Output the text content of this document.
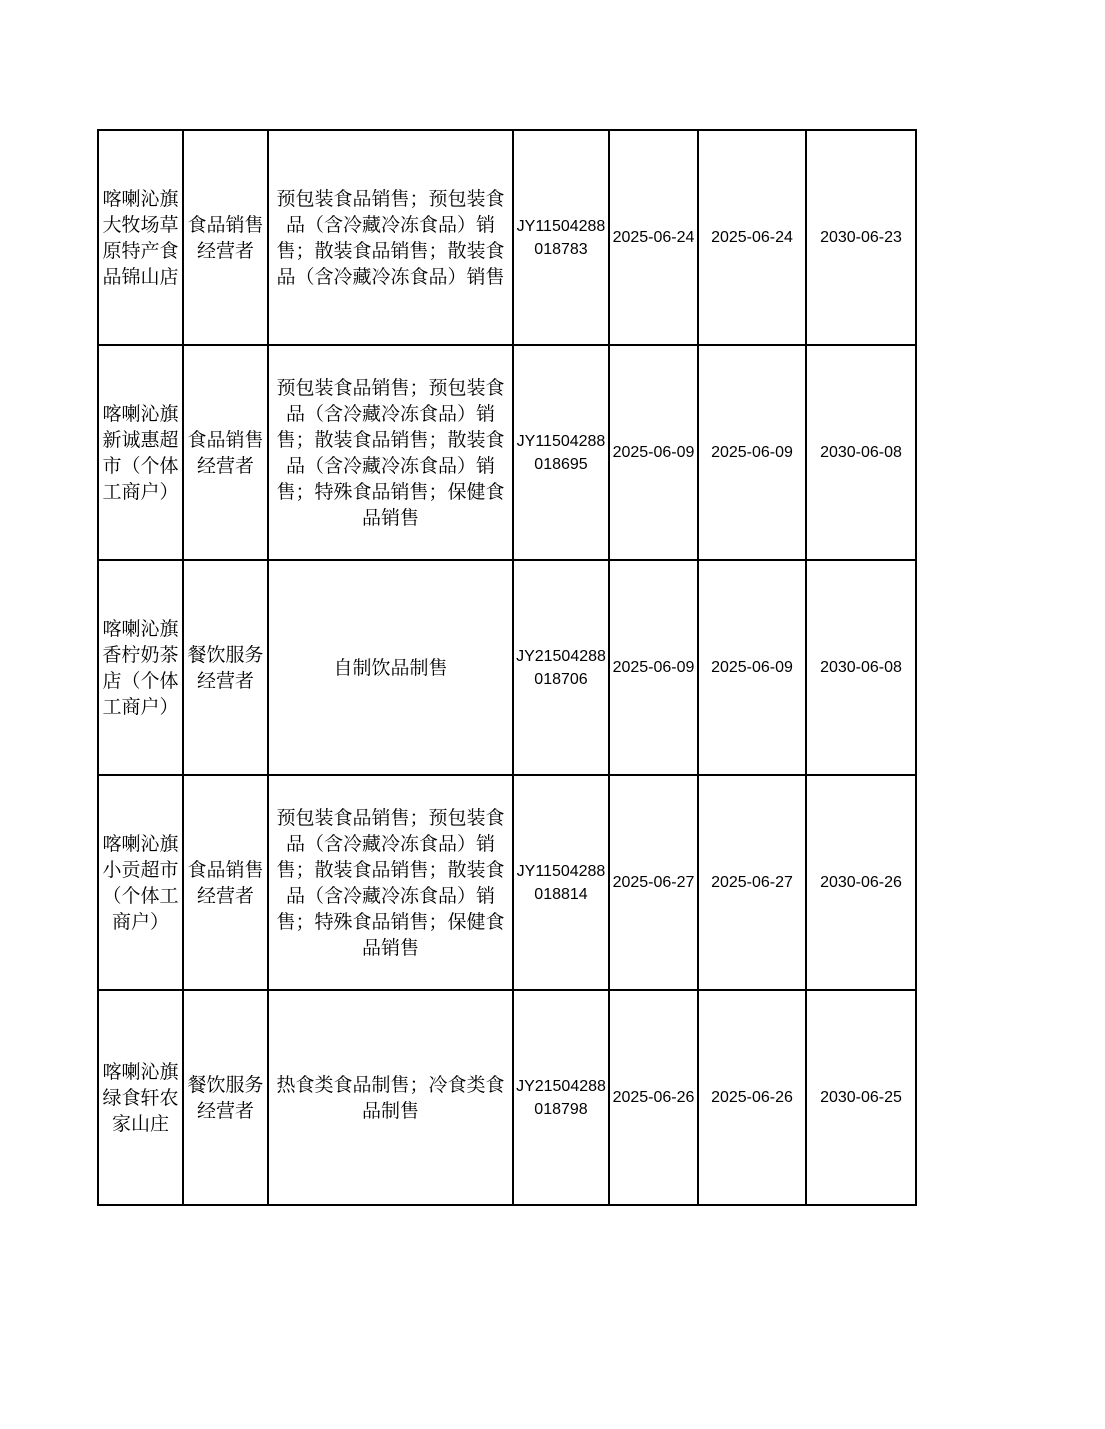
喀喇沁旗大牧场草原特产食品锦山店	食品销售经营者	预包装食品销售；预包装食品（含冷藏冷冻食品）销售；散装食品销售；散装食品（含冷藏冷冻食品）销售	JY11504288018783	2025-06-24	2025-06-24	2030-06-23
喀喇沁旗新诚惠超市（个体工商户）	食品销售经营者	预包装食品销售；预包装食品（含冷藏冷冻食品）销售；散装食品销售；散装食品（含冷藏冷冻食品）销售；特殊食品销售；保健食品销售	JY11504288018695	2025-06-09	2025-06-09	2030-06-08
喀喇沁旗香柠奶茶店（个体工商户）	餐饮服务经营者	自制饮品制售	JY21504288018706	2025-06-09	2025-06-09	2030-06-08
喀喇沁旗小贡超市（个体工商户）	食品销售经营者	预包装食品销售；预包装食品（含冷藏冷冻食品）销售；散装食品销售；散装食品（含冷藏冷冻食品）销售；特殊食品销售；保健食品销售	JY11504288018814	2025-06-27	2025-06-27	2030-06-26
喀喇沁旗绿食轩农家山庄	餐饮服务经营者	热食类食品制售；冷食类食品制售	JY21504288018798	2025-06-26	2025-06-26	2030-06-25
